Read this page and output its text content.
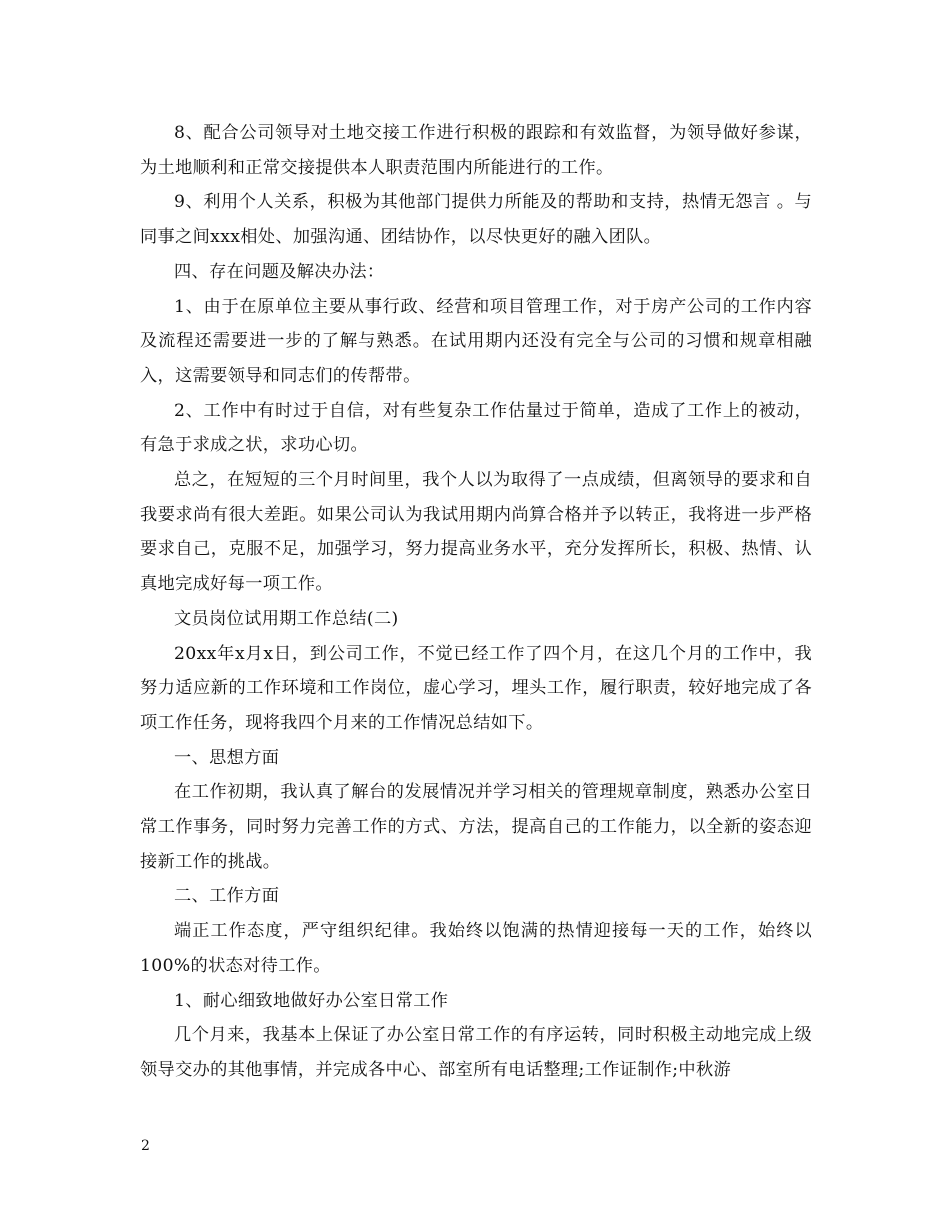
8、配合公司领导对土地交接工作进行积极的跟踪和有效监督，为领导做好参谋，为土地顺利和正常交接提供本人职责范围内所能进行的工作。

9、利用个人关系，积极为其他部门提供力所能及的帮助和支持，热情无怨言 。与同事之间xxx相处、加强沟通、团结协作，以尽快更好的融入团队。

四、存在问题及解决办法：

1、由于在原单位主要从事行政、经营和项目管理工作，对于房产公司的工作内容及流程还需要进一步的了解与熟悉。在试用期内还没有完全与公司的习惯和规章相融入，这需要领导和同志们的传帮带。

2、工作中有时过于自信，对有些复杂工作估量过于简单，造成了工作上的被动，有急于求成之状，求功心切。

总之，在短短的三个月时间里，我个人以为取得了一点成绩，但离领导的要求和自我要求尚有很大差距。如果公司认为我试用期内尚算合格并予以转正，我将进一步严格要求自己，克服不足，加强学习，努力提高业务水平，充分发挥所长，积极、热情、认真地完成好每一项工作。

文员岗位试用期工作总结(二)

20xx年x月x日，到公司工作，不觉已经工作了四个月，在这几个月的工作中，我努力适应新的工作环境和工作岗位，虚心学习，埋头工作，履行职责，较好地完成了各项工作任务，现将我四个月来的工作情况总结如下。

一、思想方面

在工作初期，我认真了解台的发展情况并学习相关的管理规章制度，熟悉办公室日常工作事务，同时努力完善工作的方式、方法，提高自己的工作能力，以全新的姿态迎接新工作的挑战。

二、工作方面

端正工作态度，严守组织纪律。我始终以饱满的热情迎接每一天的工作，始终以100%的状态对待工作。

1、耐心细致地做好办公室日常工作

几个月来，我基本上保证了办公室日常工作的有序运转，同时积极主动地完成上级领导交办的其他事情，并完成各中心、部室所有电话整理;工作证制作;中秋游

2
